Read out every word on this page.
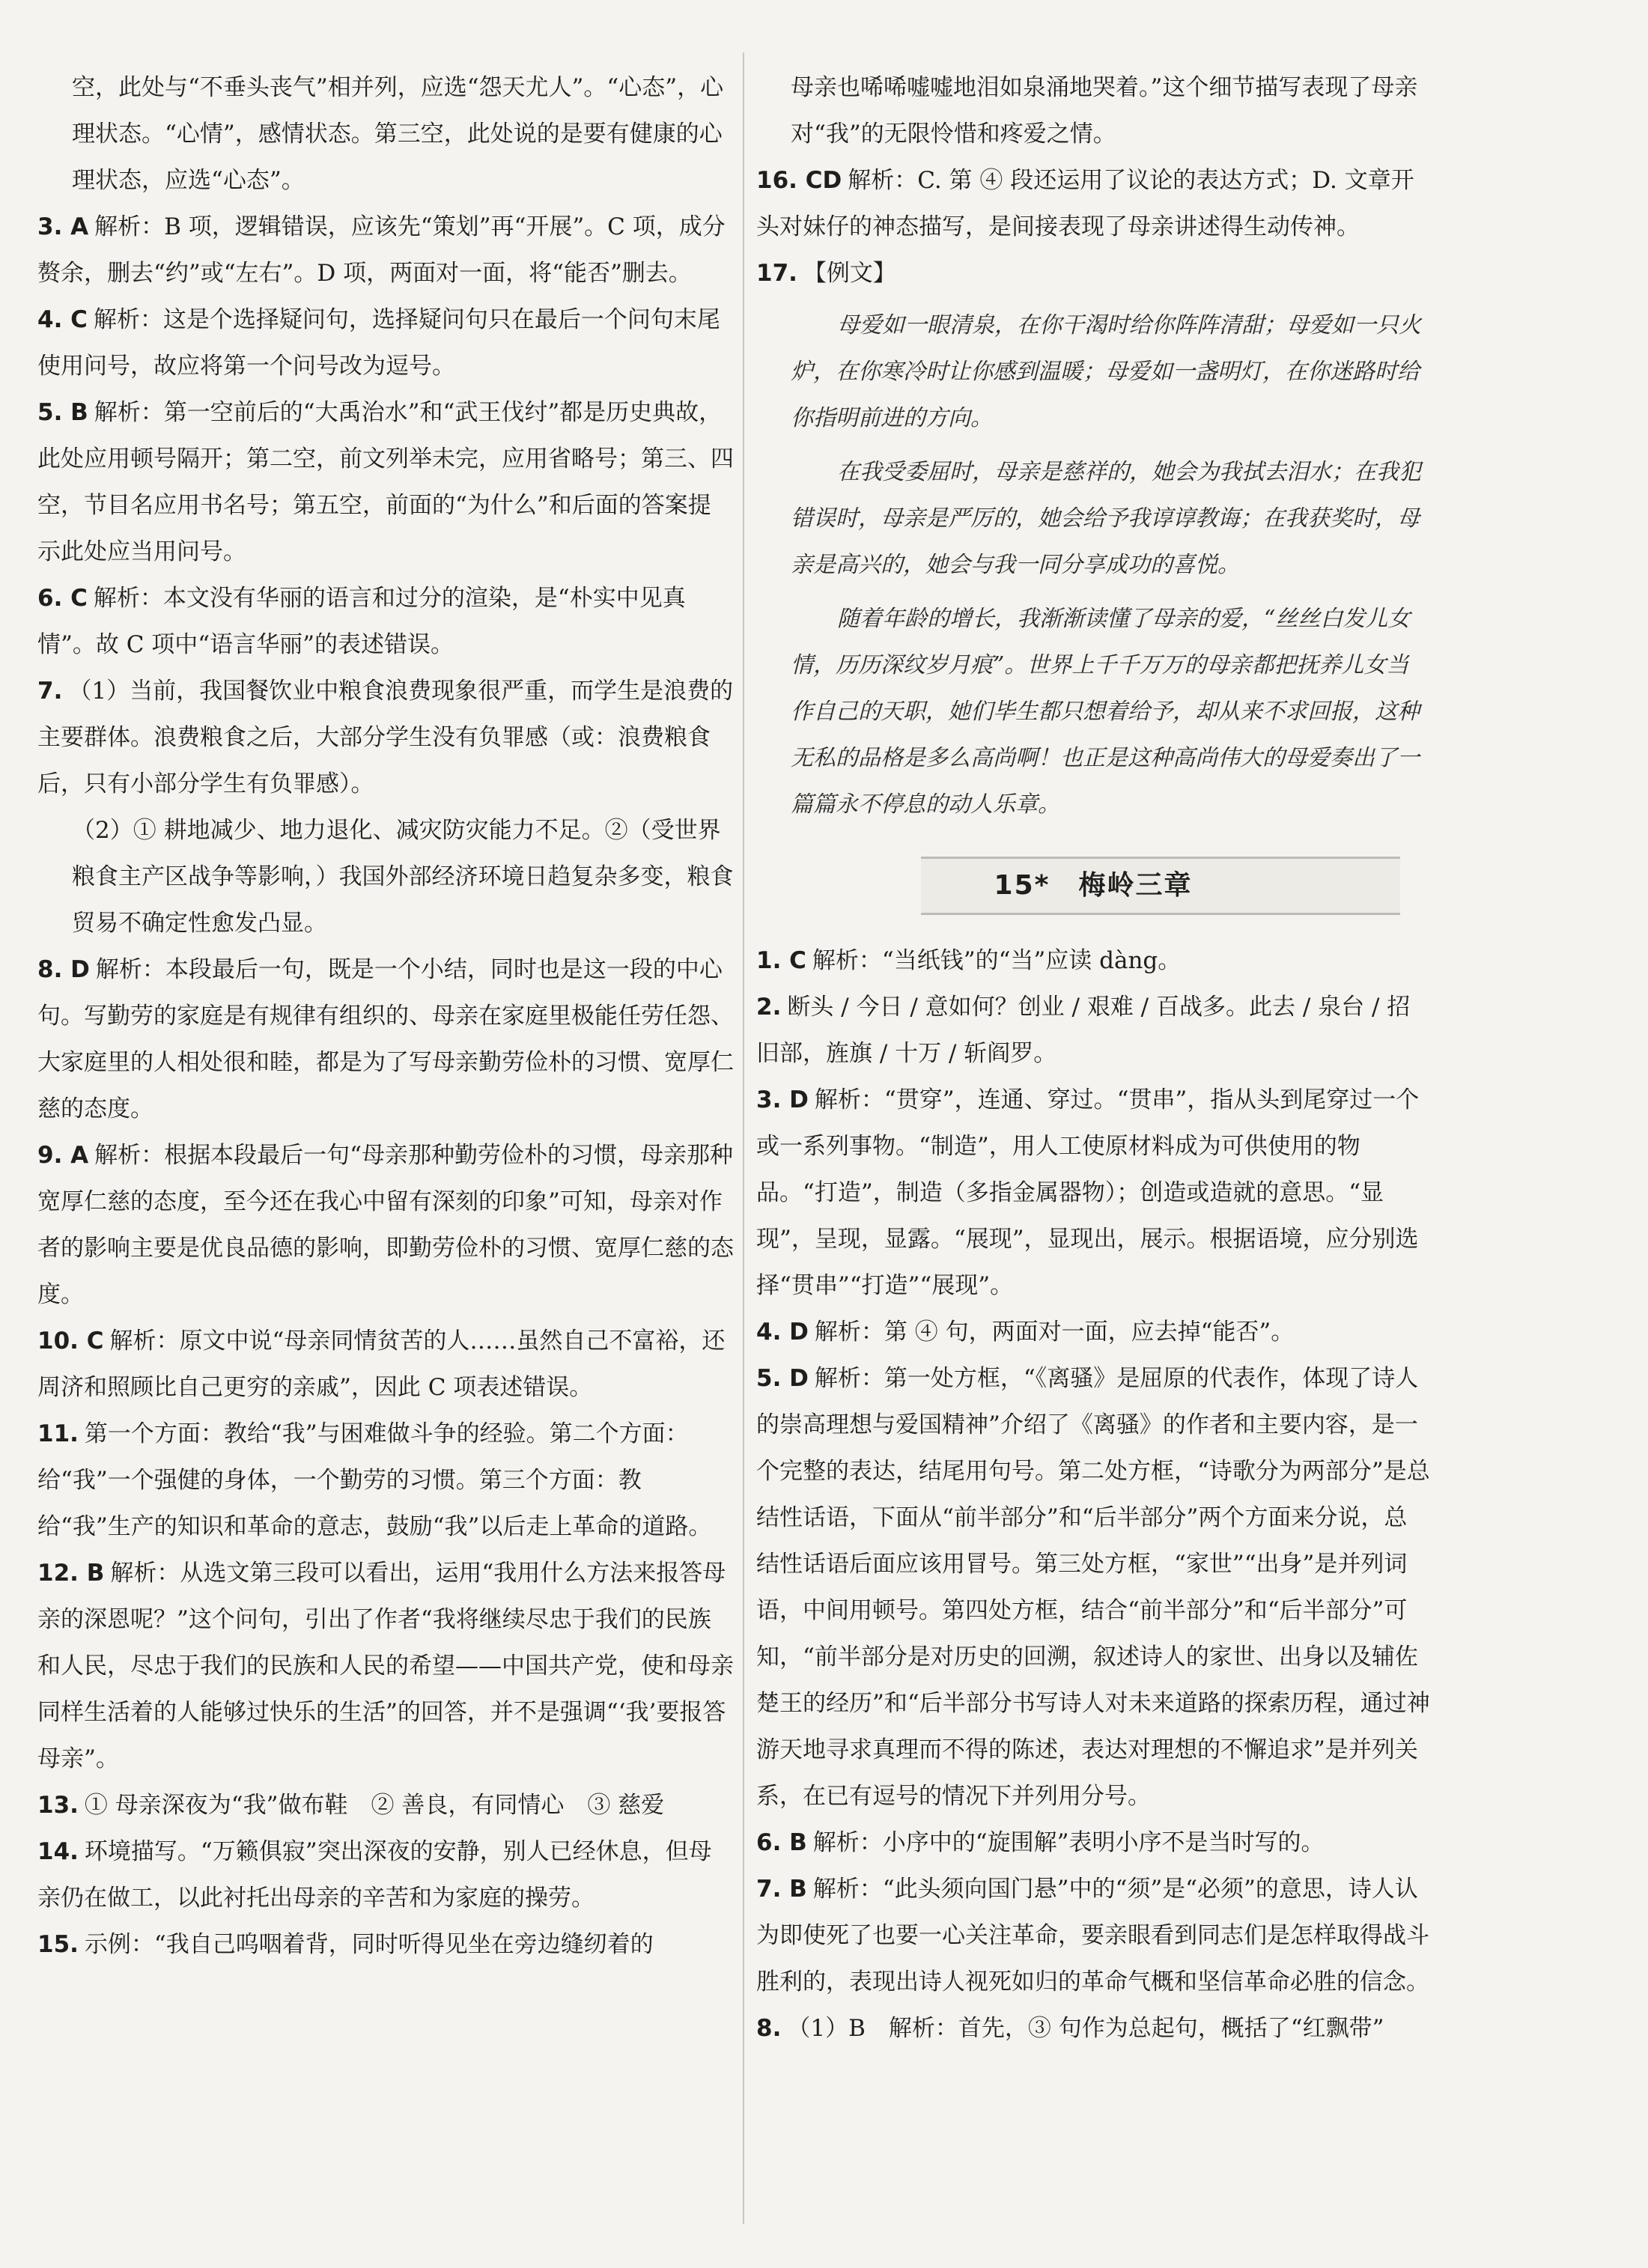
空，此处与“不垂头丧气”相并列，应选“怨天尤人”。“心态”，心理状态。“心情”，感情状态。第三空，此处说的是要有健康的心理状态，应选“心态”。

3. A 解析：B 项，逻辑错误，应该先“策划”再“开展”。C 项，成分赘余，删去“约”或“左右”。D 项，两面对一面，将“能否”删去。

4. C 解析：这是个选择疑问句，选择疑问句只在最后一个问句末尾使用问号，故应将第一个问号改为逗号。

5. B 解析：第一空前后的“大禹治水”和“武王伐纣”都是历史典故，此处应用顿号隔开；第二空，前文列举未完，应用省略号；第三、四空，节目名应用书名号；第五空，前面的“为什么”和后面的答案提示此处应当用问号。

6. C 解析：本文没有华丽的语言和过分的渲染，是“朴实中见真情”。故 C 项中“语言华丽”的表述错误。

7. （1）当前，我国餐饮业中粮食浪费现象很严重，而学生是浪费的主要群体。浪费粮食之后，大部分学生没有负罪感（或：浪费粮食后，只有小部分学生有负罪感）。

（2）① 耕地减少、地力退化、减灾防灾能力不足。②（受世界粮食主产区战争等影响，）我国外部经济环境日趋复杂多变，粮食贸易不确定性愈发凸显。

8. D 解析：本段最后一句，既是一个小结，同时也是这一段的中心句。写勤劳的家庭是有规律有组织的、母亲在家庭里极能任劳任怨、大家庭里的人相处很和睦，都是为了写母亲勤劳俭朴的习惯、宽厚仁慈的态度。

9. A 解析：根据本段最后一句“母亲那种勤劳俭朴的习惯，母亲那种宽厚仁慈的态度，至今还在我心中留有深刻的印象”可知，母亲对作者的影响主要是优良品德的影响，即勤劳俭朴的习惯、宽厚仁慈的态度。

10. C 解析：原文中说“母亲同情贫苦的人……虽然自己不富裕，还周济和照顾比自己更穷的亲戚”，因此 C 项表述错误。

11. 第一个方面：教给“我”与困难做斗争的经验。第二个方面：给“我”一个强健的身体，一个勤劳的习惯。第三个方面：教给“我”生产的知识和革命的意志，鼓励“我”以后走上革命的道路。

12. B 解析：从选文第三段可以看出，运用“我用什么方法来报答母亲的深恩呢？”这个问句，引出了作者“我将继续尽忠于我们的民族和人民，尽忠于我们的民族和人民的希望——中国共产党，使和母亲同样生活着的人能够过快乐的生活”的回答，并不是强调“‘我’要报答母亲”。

13. ① 母亲深夜为“我”做布鞋　② 善良，有同情心　③ 慈爱

14. 环境描写。“万籁俱寂”突出深夜的安静，别人已经休息，但母亲仍在做工，以此衬托出母亲的辛苦和为家庭的操劳。

15. 示例：“我自己呜咽着背，同时听得见坐在旁边缝纫着的

母亲也唏唏嘘嘘地泪如泉涌地哭着。”这个细节描写表现了母亲对“我”的无限怜惜和疼爱之情。

16. CD 解析：C. 第 ④ 段还运用了议论的表达方式；D. 文章开头对妹仔的神态描写，是间接表现了母亲讲述得生动传神。

17. 【例文】

母爱如一眼清泉，在你干渴时给你阵阵清甜；母爱如一只火炉，在你寒冷时让你感到温暖；母爱如一盏明灯，在你迷路时给你指明前进的方向。

在我受委屈时，母亲是慈祥的，她会为我拭去泪水；在我犯错误时，母亲是严厉的，她会给予我谆谆教诲；在我获奖时，母亲是高兴的，她会与我一同分享成功的喜悦。

随着年龄的增长，我渐渐读懂了母亲的爱，“丝丝白发儿女情，历历深纹岁月痕”。世界上千千万万的母亲都把抚养儿女当作自己的天职，她们毕生都只想着给予，却从来不求回报，这种无私的品格是多么高尚啊！也正是这种高尚伟大的母爱奏出了一篇篇永不停息的动人乐章。

15*　梅岭三章

1. C 解析：“当纸钱”的“当”应读 dàng。

2. 断头 / 今日 / 意如何？创业 / 艰难 / 百战多。此去 / 泉台 / 招旧部，旌旗 / 十万 / 斩阎罗。

3. D 解析：“贯穿”，连通、穿过。“贯串”，指从头到尾穿过一个或一系列事物。“制造”，用人工使原材料成为可供使用的物品。“打造”，制造（多指金属器物）；创造或造就的意思。“显现”，呈现，显露。“展现”，显现出，展示。根据语境，应分别选择“贯串”“打造”“展现”。

4. D 解析：第 ④ 句，两面对一面，应去掉“能否”。

5. D 解析：第一处方框，“《离骚》是屈原的代表作，体现了诗人的崇高理想与爱国精神”介绍了《离骚》的作者和主要内容，是一个完整的表达，结尾用句号。第二处方框，“诗歌分为两部分”是总结性话语，下面从“前半部分”和“后半部分”两个方面来分说，总结性话语后面应该用冒号。第三处方框，“家世”“出身”是并列词语，中间用顿号。第四处方框，结合“前半部分”和“后半部分”可知，“前半部分是对历史的回溯，叙述诗人的家世、出身以及辅佐楚王的经历”和“后半部分书写诗人对未来道路的探索历程，通过神游天地寻求真理而不得的陈述，表达对理想的不懈追求”是并列关系，在已有逗号的情况下并列用分号。

6. B 解析：小序中的“旋围解”表明小序不是当时写的。

7. B 解析：“此头须向国门悬”中的“须”是“必须”的意思，诗人认为即使死了也要一心关注革命，要亲眼看到同志们是怎样取得战斗胜利的，表现出诗人视死如归的革命气概和坚信革命必胜的信念。

8. （1）B　解析：首先，③ 句作为总起句，概括了“红飘带”
